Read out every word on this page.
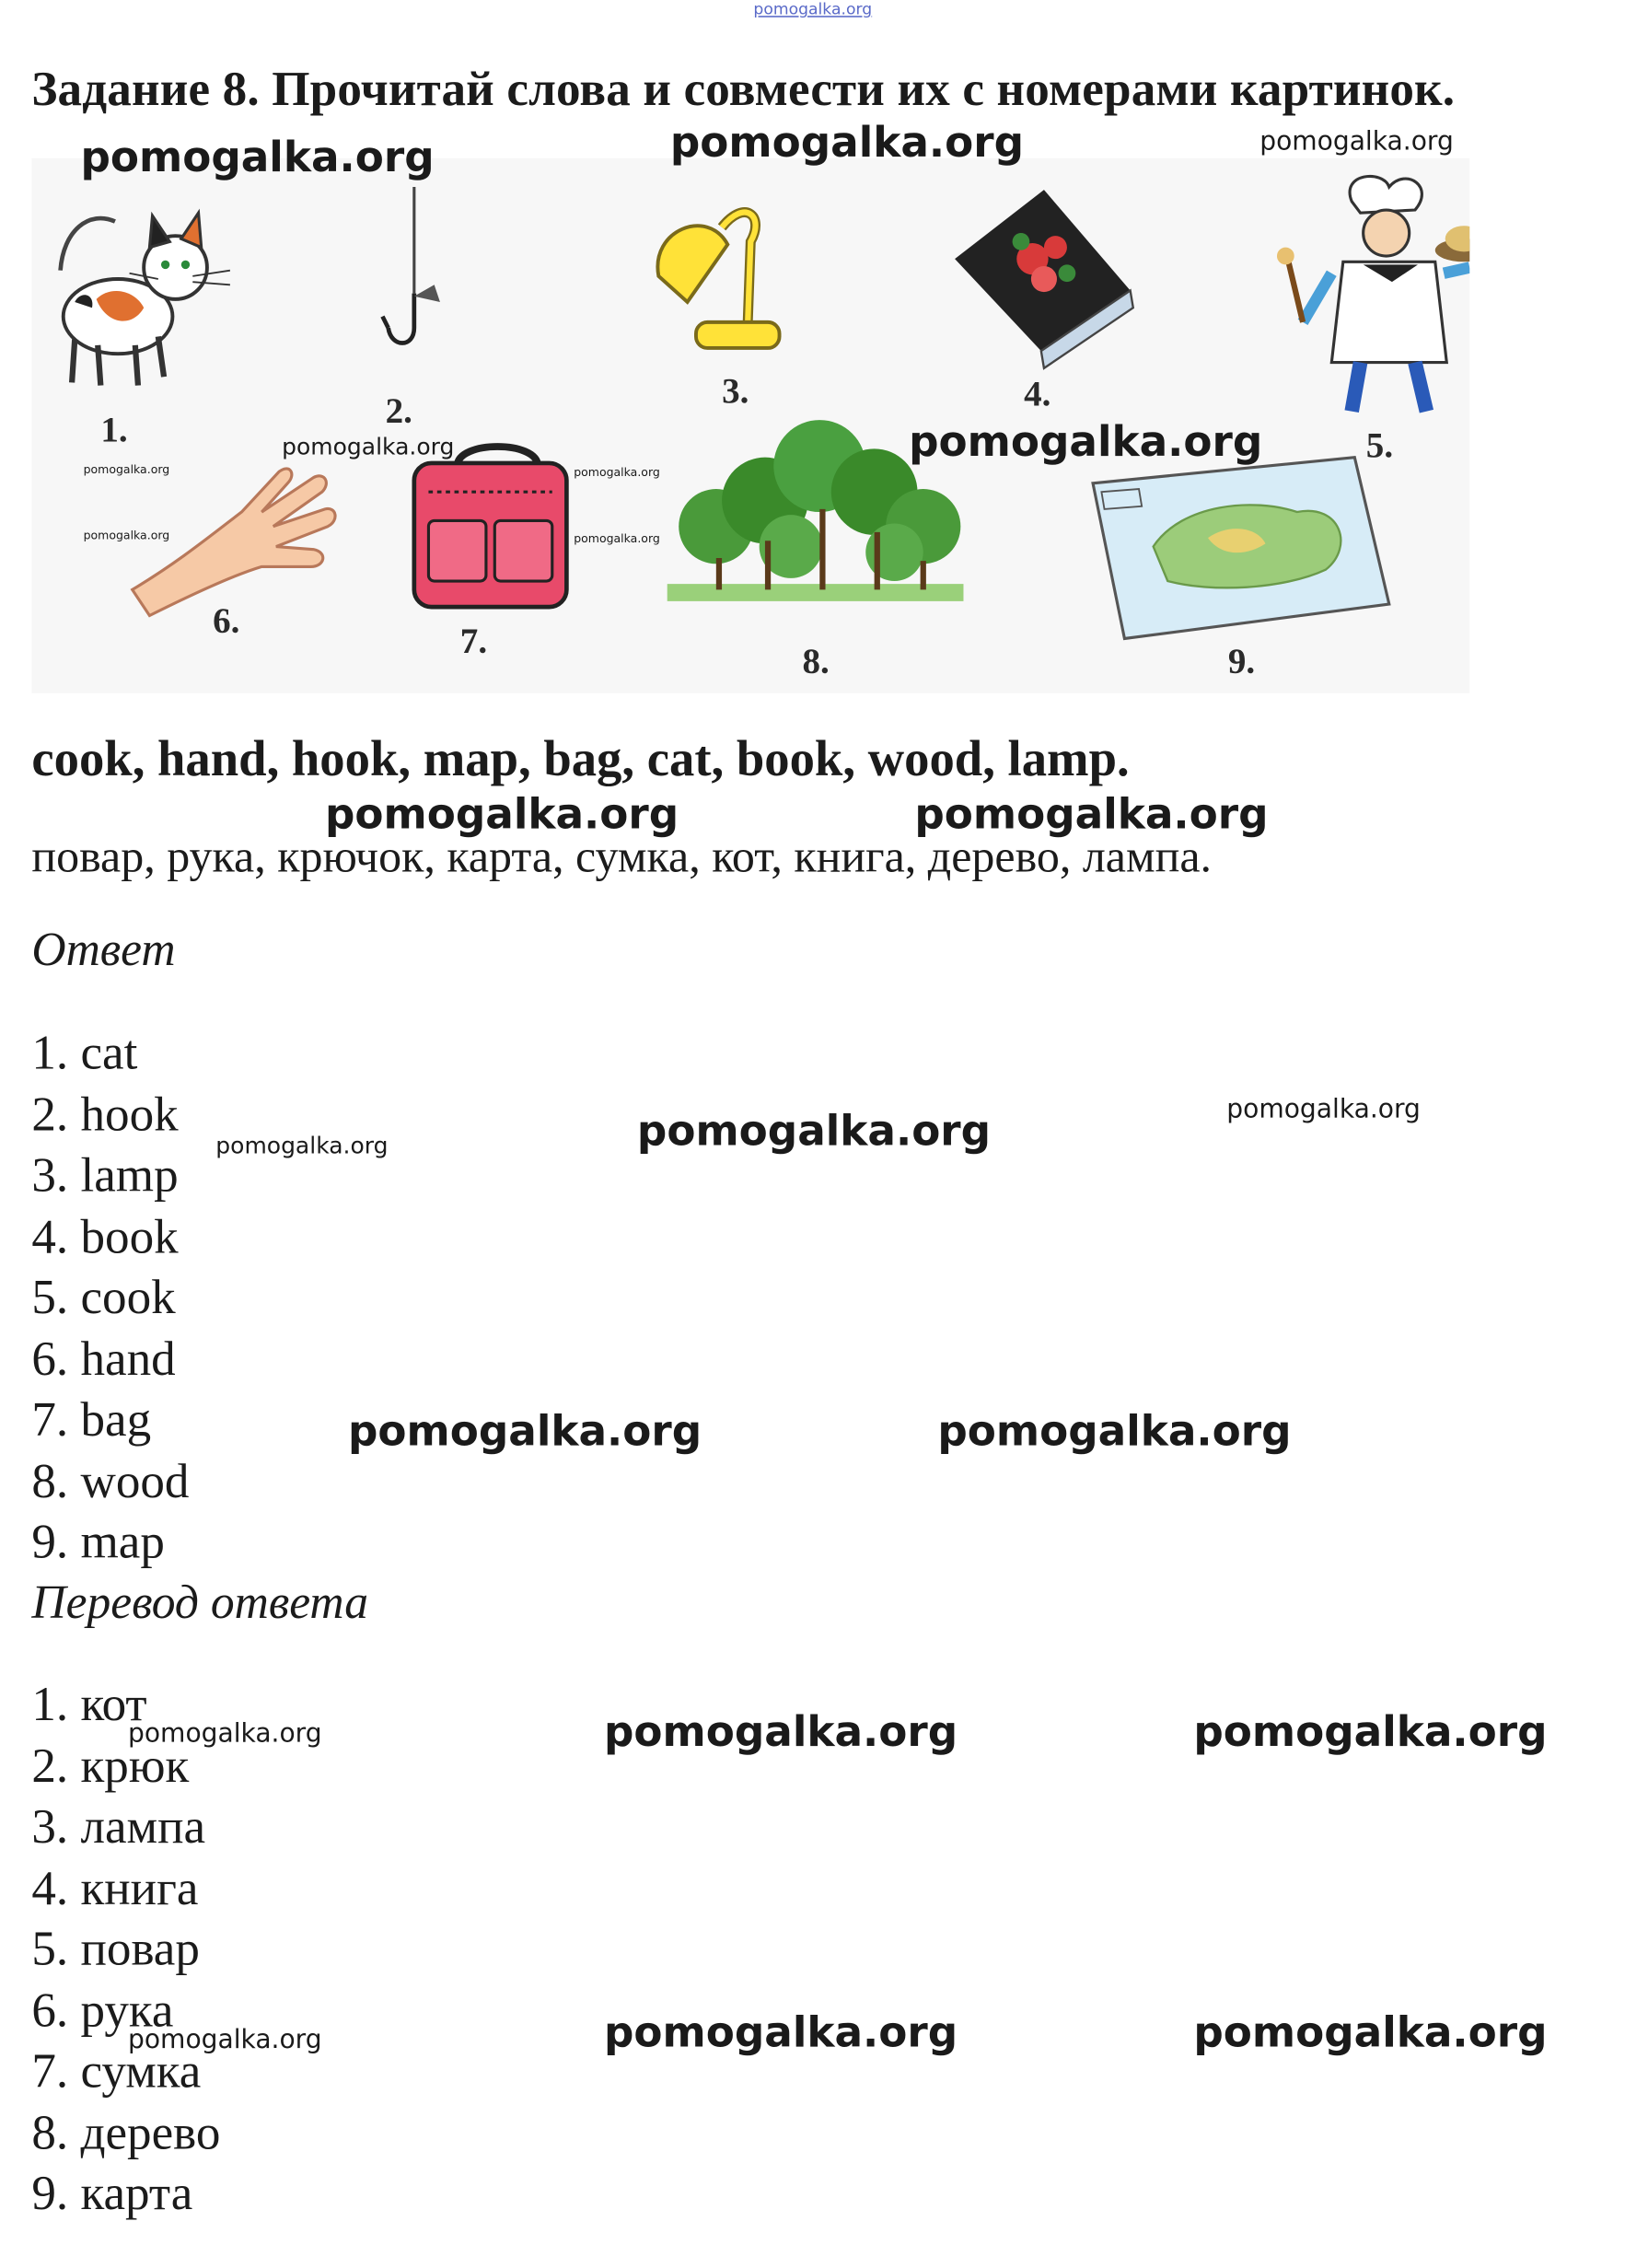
pomogalka.org
Задание 8. Прочитай слова и совмести их с номерами картинок.
1.	2.
3.	4.
5.
6.
7.
8.	9.

cook, hand, hook, map, bag, cat, book, wood, lamp.

повар, рука, крючок, карта, сумка, кот, книга, дерево, лампа.

Ответ

1. cat
2. hook
3. lamp
4. book
5. cook
6. hand
7. bag
8. wood
9. map

Перевод ответа

1. кот
2. крюк
3. лампа
4. книга
5. повар
6. рука
7. сумка
8. дерево
9. карта
pomogalka.org	pomogalka.org	pomogalka.org
pomogalka.org	pomogalka.org
pomogalka.org
pomogalka.org
pomogalka.org
pomogalka.org
pomogalka.org	pomogalka.org
pomogalka.org
pomogalka.org
pomogalka.org
pomogalka.org	pomogalka.org
pomogalka.org	pomogalka.org	pomogalka.org
pomogalka.org	pomogalka.org	pomogalka.org
